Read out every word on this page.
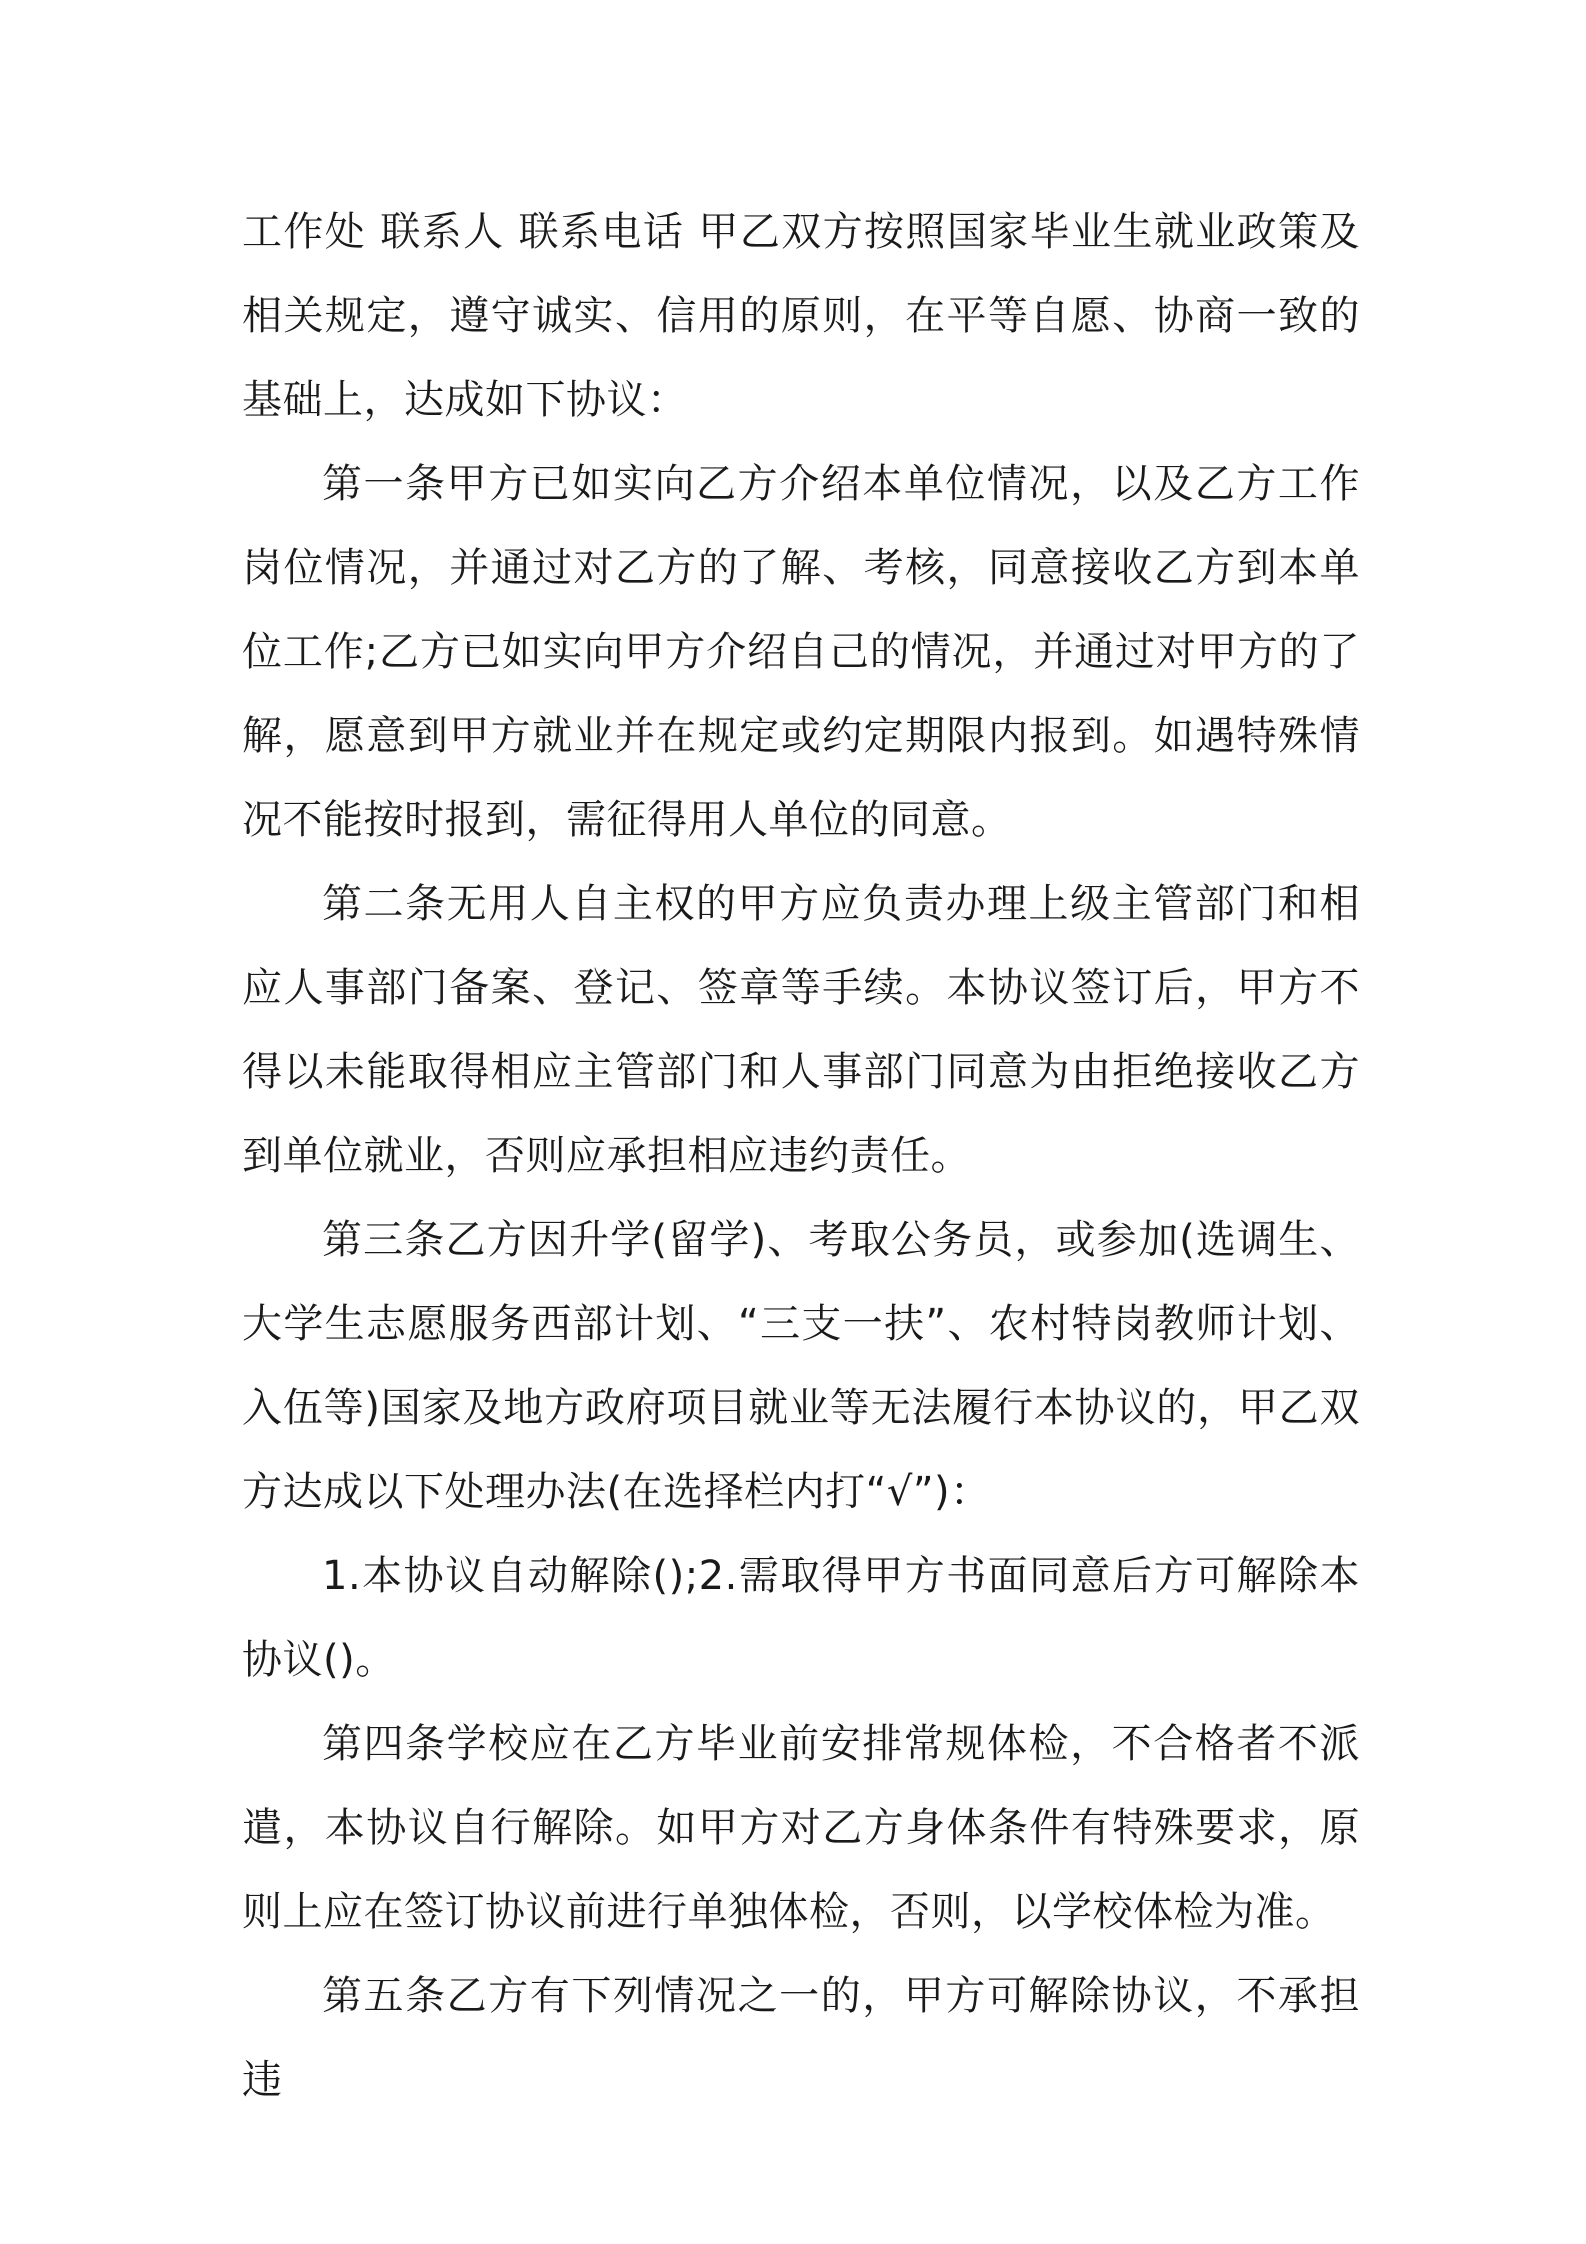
工作处 联系人 联系电话 甲乙双方按照国家毕业生就业政策及相关规定，遵守诚实、信用的原则，在平等自愿、协商一致的基础上，达成如下协议：

第一条甲方已如实向乙方介绍本单位情况，以及乙方工作岗位情况，并通过对乙方的了解、考核，同意接收乙方到本单位工作;乙方已如实向甲方介绍自己的情况，并通过对甲方的了解，愿意到甲方就业并在规定或约定期限内报到。如遇特殊情况不能按时报到，需征得用人单位的同意。

第二条无用人自主权的甲方应负责办理上级主管部门和相应人事部门备案、登记、签章等手续。本协议签订后，甲方不得以未能取得相应主管部门和人事部门同意为由拒绝接收乙方到单位就业，否则应承担相应违约责任。

第三条乙方因升学(留学)、考取公务员，或参加(选调生、大学生志愿服务西部计划、“三支一扶”、农村特岗教师计划、入伍等)国家及地方政府项目就业等无法履行本协议的，甲乙双方达成以下处理办法(在选择栏内打“√”)：

1.本协议自动解除();2.需取得甲方书面同意后方可解除本协议()。

第四条学校应在乙方毕业前安排常规体检，不合格者不派遣，本协议自行解除。如甲方对乙方身体条件有特殊要求，原则上应在签订协议前进行单独体检，否则，以学校体检为准。

第五条乙方有下列情况之一的，甲方可解除协议，不承担违
